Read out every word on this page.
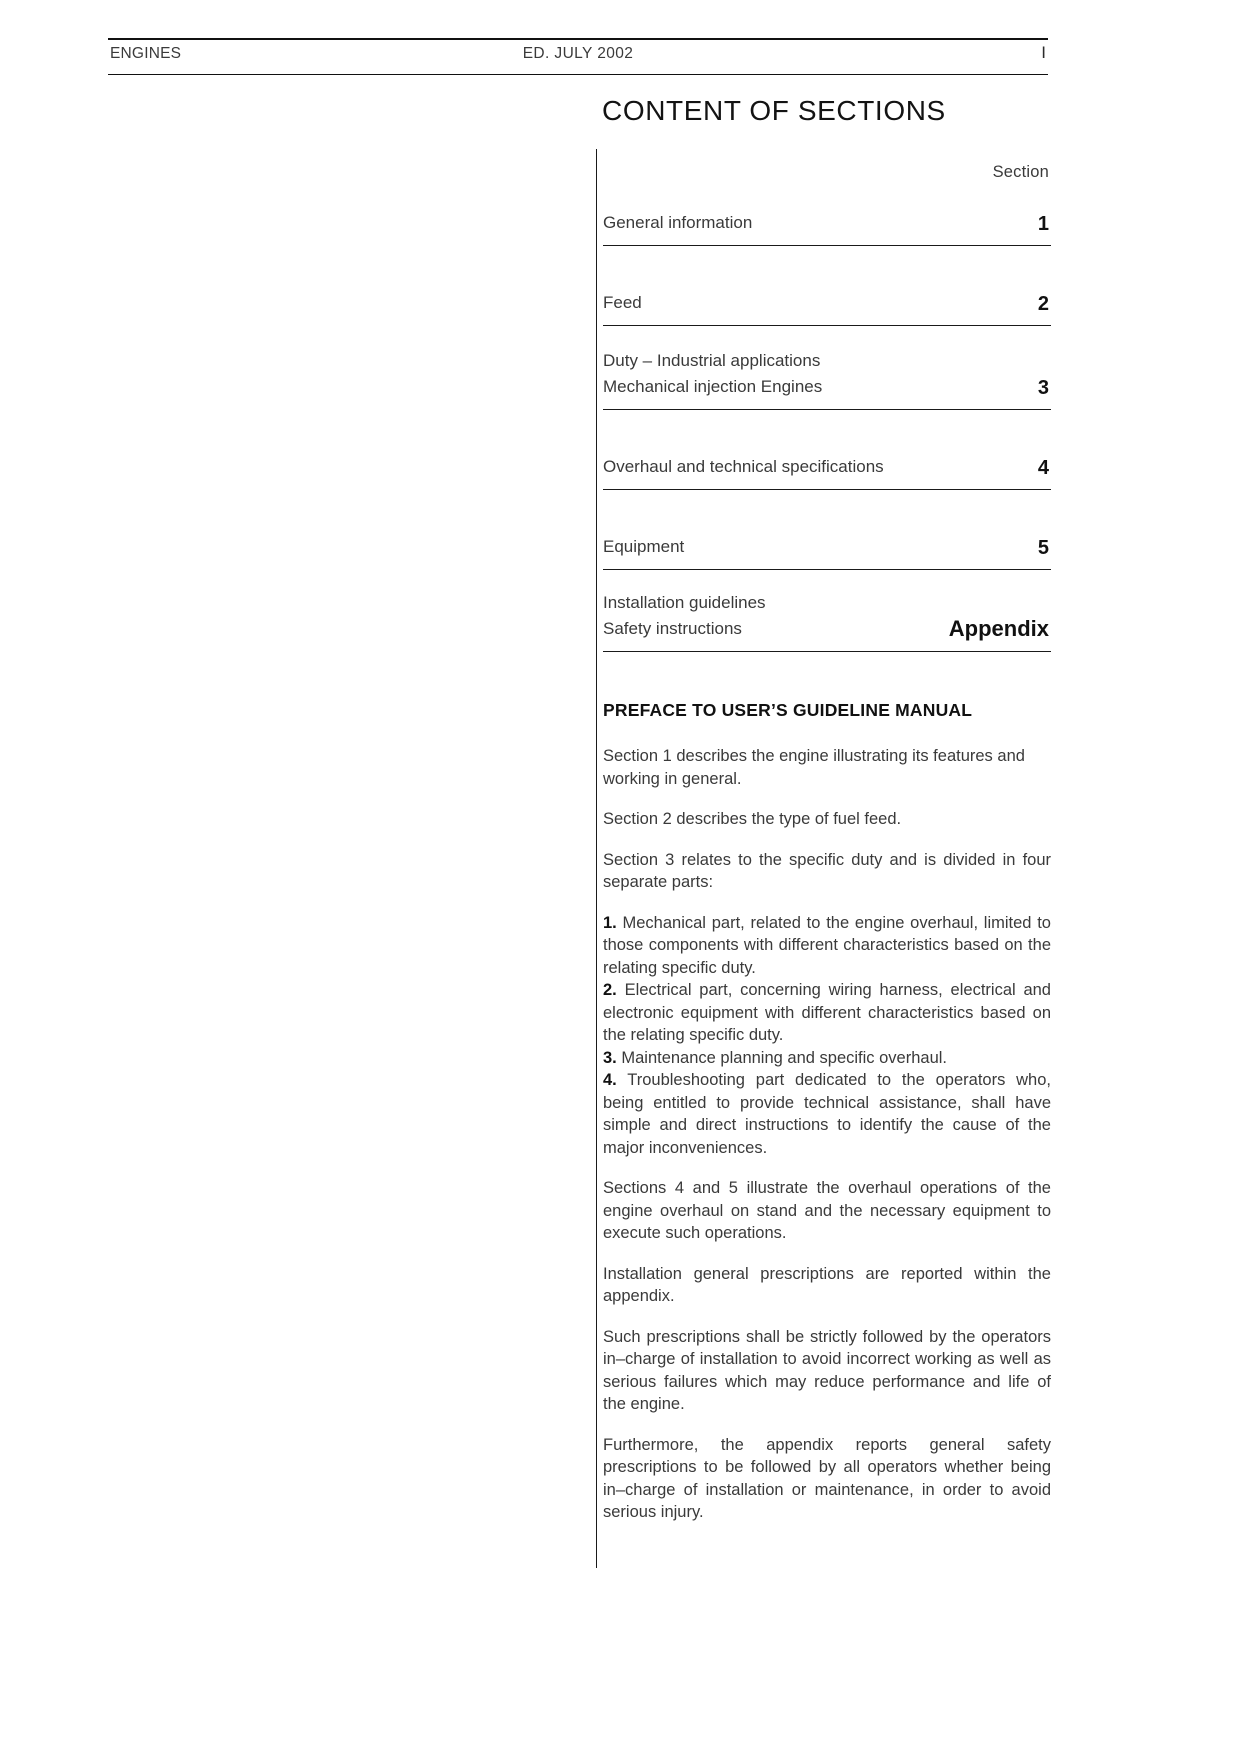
ENGINES	ED. JULY 2002	I
CONTENT OF SECTIONS
Section
General information	1
Feed	2
Duty – Industrial applications
Mechanical injection Engines	3
Overhaul and technical specifications	4
Equipment	5
Installation guidelines
Safety instructions	Appendix
PREFACE TO USER’S GUIDELINE MANUAL

Section 1 describes the engine illustrating its features and working in general.

Section 2 describes the type of fuel feed.

Section 3 relates to the specific duty and is divided in four separate parts:

1. Mechanical part, related to the engine overhaul, limited to those components with different characteristics based on the relating specific duty.

2. Electrical part, concerning wiring harness, electrical and electronic equipment with different characteristics based on the relating specific duty.

3. Maintenance planning and specific overhaul.

4. Troubleshooting part dedicated to the operators who, being entitled to provide technical assistance, shall have simple and direct instructions to identify the cause of the major inconveniences.

Sections 4 and 5 illustrate the overhaul operations of the engine overhaul on stand and the necessary equipment to execute such operations.

Installation general prescriptions are reported within the appendix.

Such prescriptions shall be strictly followed by the operators in–charge of installation to avoid incorrect working as well as serious failures which may reduce performance and life of the engine.

Furthermore, the appendix reports general safety prescriptions to be followed by all operators whether being in–charge of installation or maintenance, in order to avoid serious injury.
